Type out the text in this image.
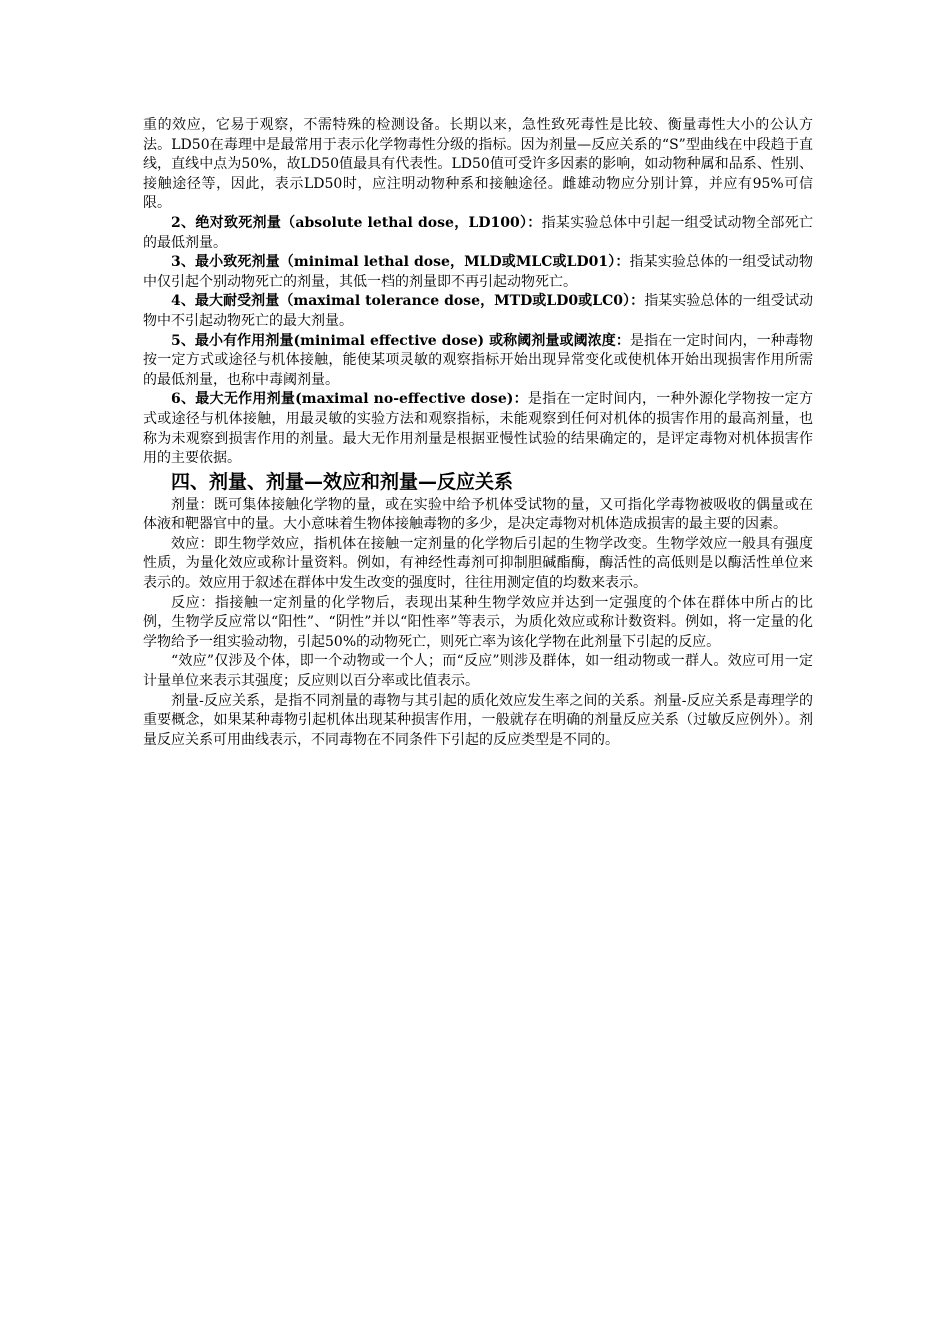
重的效应，它易于观察，不需特殊的检测设备。长期以来，急性致死毒性是比较、衡量毒性大小的公认方法。LD50在毒理中是最常用于表示化学物毒性分级的指标。因为剂量—反应关系的“S”型曲线在中段趋于直线，直线中点为50%，故LD50值最具有代表性。LD50值可受许多因素的影响，如动物种属和品系、性别、接触途径等，因此，表示LD50时，应注明动物种系和接触途径。雌雄动物应分别计算，并应有95%可信限。

2、绝对致死剂量（absolute lethal dose，LD100）：指某实验总体中引起一组受试动物全部死亡的最低剂量。

3、最小致死剂量（minimal lethal dose，MLD或MLC或LD01）：指某实验总体的一组受试动物中仅引起个别动物死亡的剂量，其低一档的剂量即不再引起动物死亡。

4、最大耐受剂量（maximal tolerance dose，MTD或LD0或LC0）：指某实验总体的一组受试动物中不引起动物死亡的最大剂量。

5、最小有作用剂量(minimal effective dose) 或称阈剂量或阈浓度：是指在一定时间内，一种毒物按一定方式或途径与机体接触，能使某项灵敏的观察指标开始出现异常变化或使机体开始出现损害作用所需的最低剂量，也称中毒阈剂量。

6、最大无作用剂量(maximal no-effective dose)：是指在一定时间内，一种外源化学物按一定方式或途径与机体接触，用最灵敏的实验方法和观察指标，未能观察到任何对机体的损害作用的最高剂量，也称为未观察到损害作用的剂量。最大无作用剂量是根据亚慢性试验的结果确定的，是评定毒物对机体损害作用的主要依据。

四、剂量、剂量—效应和剂量—反应关系

剂量：既可集体接触化学物的量，或在实验中给予机体受试物的量，又可指化学毒物被吸收的偶量或在体液和靶器官中的量。大小意味着生物体接触毒物的多少，是决定毒物对机体造成损害的最主要的因素。

效应：即生物学效应，指机体在接触一定剂量的化学物后引起的生物学改变。生物学效应一般具有强度性质，为量化效应或称计量资料。例如，有神经性毒剂可抑制胆碱酯酶，酶活性的高低则是以酶活性单位来表示的。效应用于叙述在群体中发生改变的强度时，往往用测定值的均数来表示。

反应：指接触一定剂量的化学物后，表现出某种生物学效应并达到一定强度的个体在群体中所占的比例，生物学反应常以“阳性”、“阴性”并以“阳性率”等表示，为质化效应或称计数资料。例如，将一定量的化学物给予一组实验动物，引起50%的动物死亡，则死亡率为该化学物在此剂量下引起的反应。

“效应”仅涉及个体，即一个动物或一个人；而“反应”则涉及群体，如一组动物或一群人。效应可用一定计量单位来表示其强度；反应则以百分率或比值表示。

剂量-反应关系，是指不同剂量的毒物与其引起的质化效应发生率之间的关系。剂量-反应关系是毒理学的重要概念，如果某种毒物引起机体出现某种损害作用，一般就存在明确的剂量反应关系（过敏反应例外）。剂量反应关系可用曲线表示，不同毒物在不同条件下引起的反应类型是不同的。
